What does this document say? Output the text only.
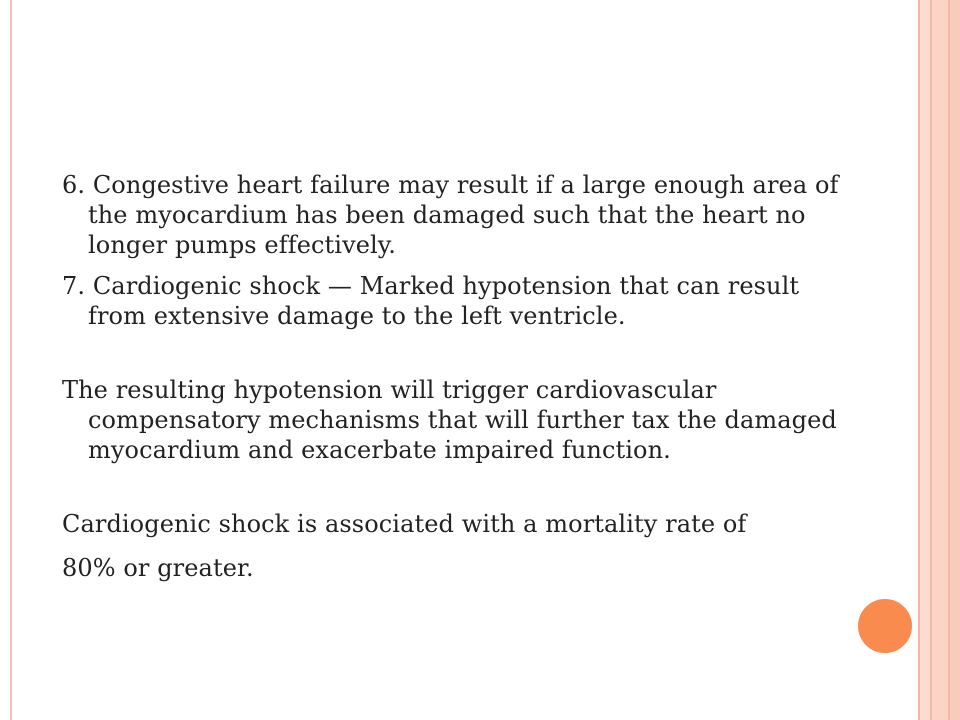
6. Congestive heart failure may result if a large enough area of the myocardium has been damaged such that the heart no longer pumps effectively.

7. Cardiogenic shock — Marked hypotension that can result from extensive damage to the left ventricle.

The resulting hypotension will trigger cardiovascular compensatory mechanisms that will further tax the damaged myocardium and exacerbate impaired function.

Cardiogenic shock is associated with a mortality rate of

80% or greater.
